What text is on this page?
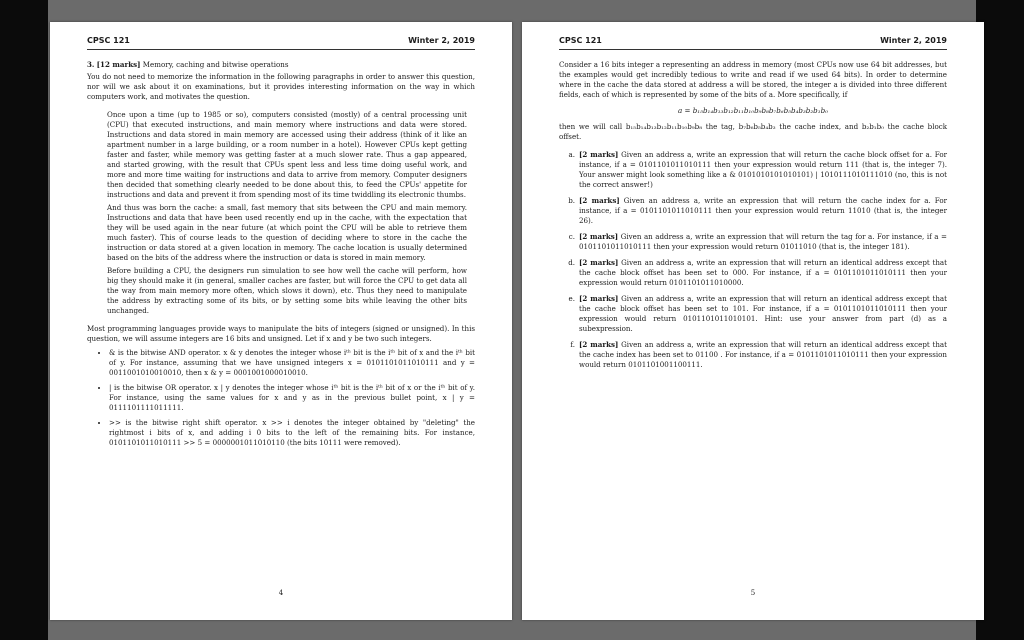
CPSC 121	Winter 2, 2019

3. [12 marks] Memory, caching and bitwise operations

You do not need to memorize the information in the following paragraphs in order to answer this question, nor will we ask about it on examinations, but it provides interesting information on the way in which computers work, and motivates the question.

Once upon a time (up to 1985 or so), computers consisted (mostly) of a central processing unit (CPU) that executed instructions, and main memory where instructions and data were stored. Instructions and data stored in main memory are accessed using their address (think of it like an apartment number in a large building, or a room number in a hotel). However CPUs kept getting faster and faster, while memory was getting faster at a much slower rate. Thus a gap appeared, and started growing, with the result that CPUs spent less and less time doing useful work, and more and more time waiting for instructions and data to arrive from memory. Computer designers then decided that something clearly needed to be done about this, to feed the CPUs' appetite for instructions and data and prevent it from spending most of its time twiddling its electronic thumbs.

And thus was born the cache: a small, fast memory that sits between the CPU and main memory. Instructions and data that have been used recently end up in the cache, with the expectation that they will be used again in the near future (at which point the CPU will be able to retrieve them much faster). This of course leads to the question of deciding where to store in the cache the instruction or data stored at a given location in memory. The cache location is usually determined based on the bits of the address where the instruction or data is stored in main memory.

Before building a CPU, the designers run simulation to see how well the cache will perform, how big they should make it (in general, smaller caches are faster, but will force the CPU to get data all the way from main memory more often, which slows it down), etc. Thus they need to manipulate the address by extracting some of its bits, or by setting some bits while leaving the other bits unchanged.

Most programming languages provide ways to manipulate the bits of integers (signed or unsigned). In this question, we will assume integers are 16 bits and unsigned. Let if x and y be two such integers.

• & is the bitwise AND operator. x & y denotes the integer whose iᵗʰ bit is the iᵗʰ bit of x and the iᵗʰ bit of y. For instance, assuming that we have unsigned integers x = 0101101011010111 and y = 0011001010010010, then x & y = 0001001000010010.
• | is the bitwise OR operator. x | y denotes the integer whose iᵗʰ bit is the iᵗʰ bit of x or the iᵗʰ bit of y. For instance, using the same values for x and y as in the previous bullet point, x | y = 0111101111011111.
• >> is the bitwise right shift operator. x >> i denotes the integer obtained by "deleting" the rightmost i bits of x, and adding i 0 bits to the left of the remaining bits. For instance, 0101101011010111 >> 5 = 0000001011010110 (the bits 10111 were removed).
4
CPSC 121	Winter 2, 2019

Consider a 16 bits integer a representing an address in memory (most CPUs now use 64 bit addresses, but the examples would get incredibly tedious to write and read if we used 64 bits). In order to determine where in the cache the data stored at address a will be stored, the integer a is divided into three different fields, each of which is represented by some of the bits of a. More specifically, if

a = b₁₅b₁₄b₁₃b₁₂b₁₁b₁₀b₉b₈b₇b₆b₅b₄b₃b₂b₁b₀

then we will call b₁₅b₁₄b₁₃b₁₂b₁₁b₁₀b₉b₈ the tag, b₇b₆b₅b₄b₃ the cache index, and b₂b₁b₀ the cache block offset.

a. [2 marks] Given an address a, write an expression that will return the cache block offset for a. For instance, if a = 0101101011010111 then your expression would return 111 (that is, the integer 7). Your answer might look something like a & 0101010101010101) | 1010111010111010 (no, this is not the correct answer!)
b. [2 marks] Given an address a, write an expression that will return the cache index for a. For instance, if a = 0101101011010111 then your expression would return 11010 (that is, the integer 26).
c. [2 marks] Given an address a, write an expression that will return the tag for a. For instance, if a = 0101101011010111 then your expression would return 01011010 (that is, the integer 181).
d. [2 marks] Given an address a, write an expression that will return an identical address except that the cache block offset has been set to 000. For instance, if a = 0101101011010111 then your expression would return 0101101011010000.
e. [2 marks] Given an address a, write an expression that will return an identical address except that the cache block offset has been set to 101. For instance, if a = 0101101011010111 then your expression would return 0101101011010101. Hint: use your answer from part (d) as a subexpression.
f. [2 marks] Given an address a, write an expression that will return an identical address except that the cache index has been set to 01100 . For instance, if a = 0101101011010111 then your expression would return 0101101001100111.
5
